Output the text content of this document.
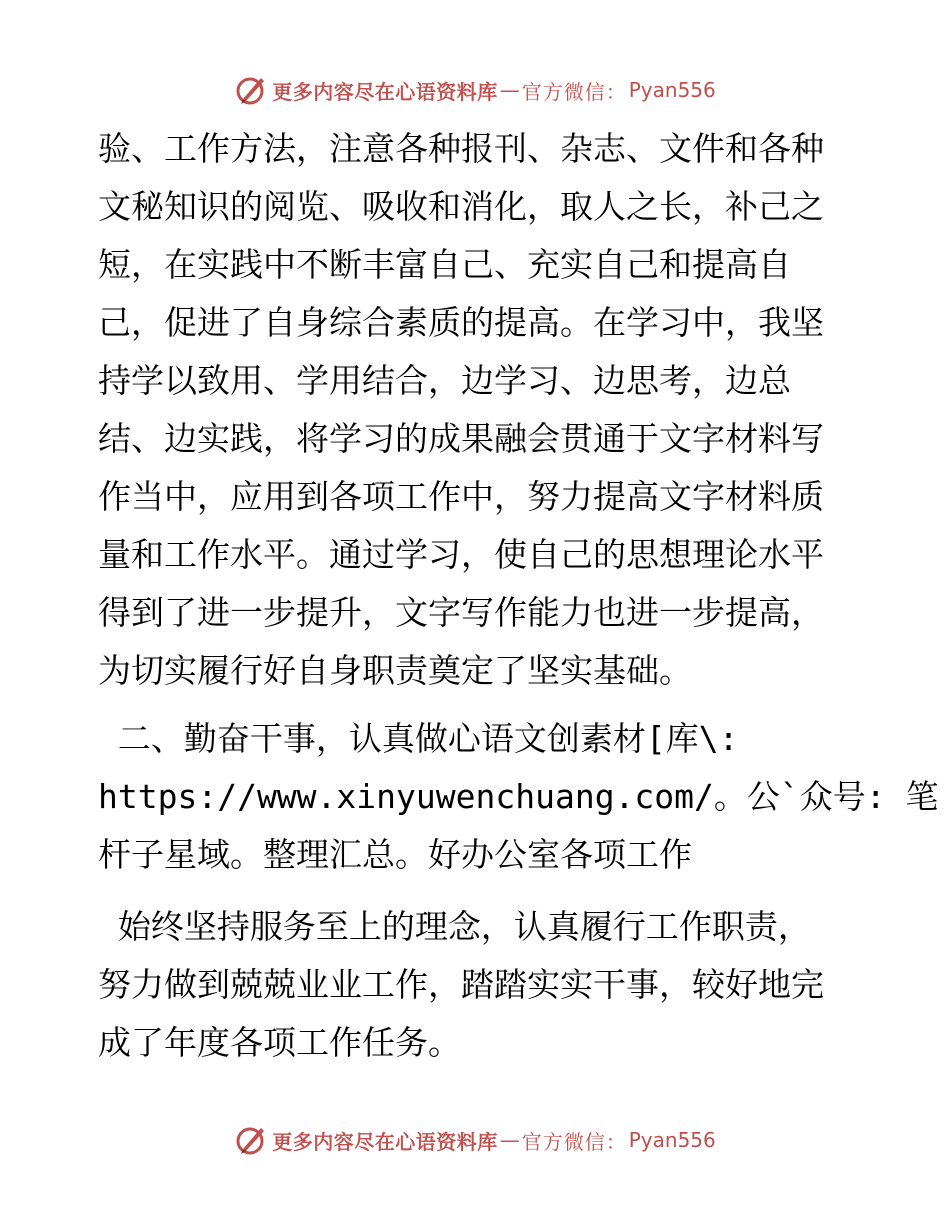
更多内容尽在心语资料库 — 官方微信： Pyan556
验、工作方法，注意各种报刊、杂志、文件和各种
文秘知识的阅览、吸收和消化，取人之长，补己之
短，在实践中不断丰富自己、充实自己和提高自
己，促进了自身综合素质的提高。在学习中，我坚
持学以致用、学用结合，边学习、边思考，边总
结、边实践，将学习的成果融会贯通于文字材料写
作当中，应用到各项工作中，努力提高文字材料质
量和工作水平。通过学习，使自己的思想理论水平
得到了进一步提升，文字写作能力也进一步提高，
为切实履行好自身职责奠定了坚实基础。
二、勤奋干事，认真做心语文创素材[库\:
https://www.xinyuwenchuang.com/。公`众号: 笔
杆子星域。整理汇总。好办公室各项工作
始终坚持服务至上的理念，认真履行工作职责，
努力做到兢兢业业工作，踏踏实实干事，较好地完
成了年度各项工作任务。
更多内容尽在心语资料库 — 官方微信： Pyan556
